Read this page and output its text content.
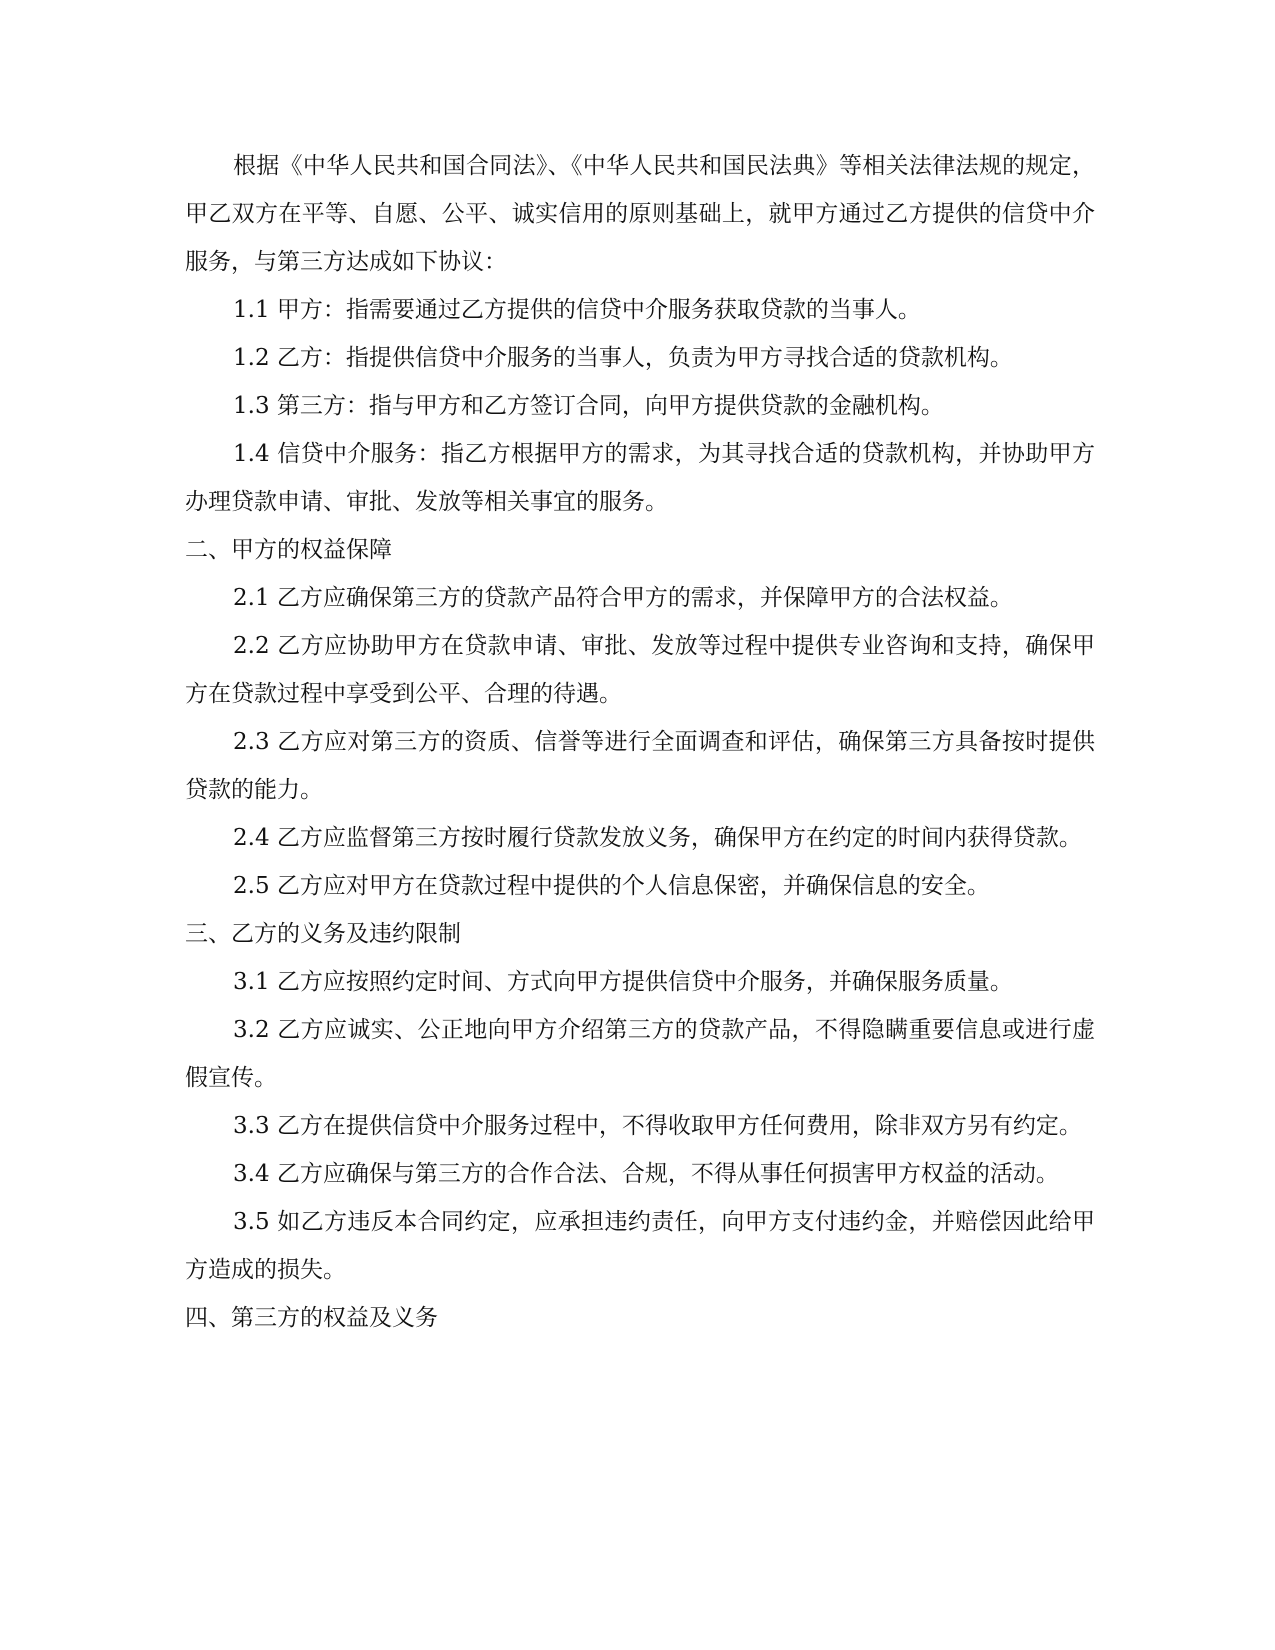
根据《中华人民共和国合同法》、《中华人民共和国民法典》等相关法律法规的规定，甲乙双方在平等、自愿、公平、诚实信用的原则基础上，就甲方通过乙方提供的信贷中介服务，与第三方达成如下协议：

1.1 甲方：指需要通过乙方提供的信贷中介服务获取贷款的当事人。

1.2 乙方：指提供信贷中介服务的当事人，负责为甲方寻找合适的贷款机构。

1.3 第三方：指与甲方和乙方签订合同，向甲方提供贷款的金融机构。

1.4 信贷中介服务：指乙方根据甲方的需求，为其寻找合适的贷款机构，并协助甲方办理贷款申请、审批、发放等相关事宜的服务。

二、甲方的权益保障

2.1 乙方应确保第三方的贷款产品符合甲方的需求，并保障甲方的合法权益。

2.2 乙方应协助甲方在贷款申请、审批、发放等过程中提供专业咨询和支持，确保甲方在贷款过程中享受到公平、合理的待遇。

2.3 乙方应对第三方的资质、信誉等进行全面调查和评估，确保第三方具备按时提供贷款的能力。

2.4 乙方应监督第三方按时履行贷款发放义务，确保甲方在约定的时间内获得贷款。

2.5 乙方应对甲方在贷款过程中提供的个人信息保密，并确保信息的安全。

三、乙方的义务及违约限制

3.1 乙方应按照约定时间、方式向甲方提供信贷中介服务，并确保服务质量。

3.2 乙方应诚实、公正地向甲方介绍第三方的贷款产品，不得隐瞒重要信息或进行虚假宣传。

3.3 乙方在提供信贷中介服务过程中，不得收取甲方任何费用，除非双方另有约定。

3.4 乙方应确保与第三方的合作合法、合规，不得从事任何损害甲方权益的活动。

3.5 如乙方违反本合同约定，应承担违约责任，向甲方支付违约金，并赔偿因此给甲方造成的损失。

四、第三方的权益及义务
